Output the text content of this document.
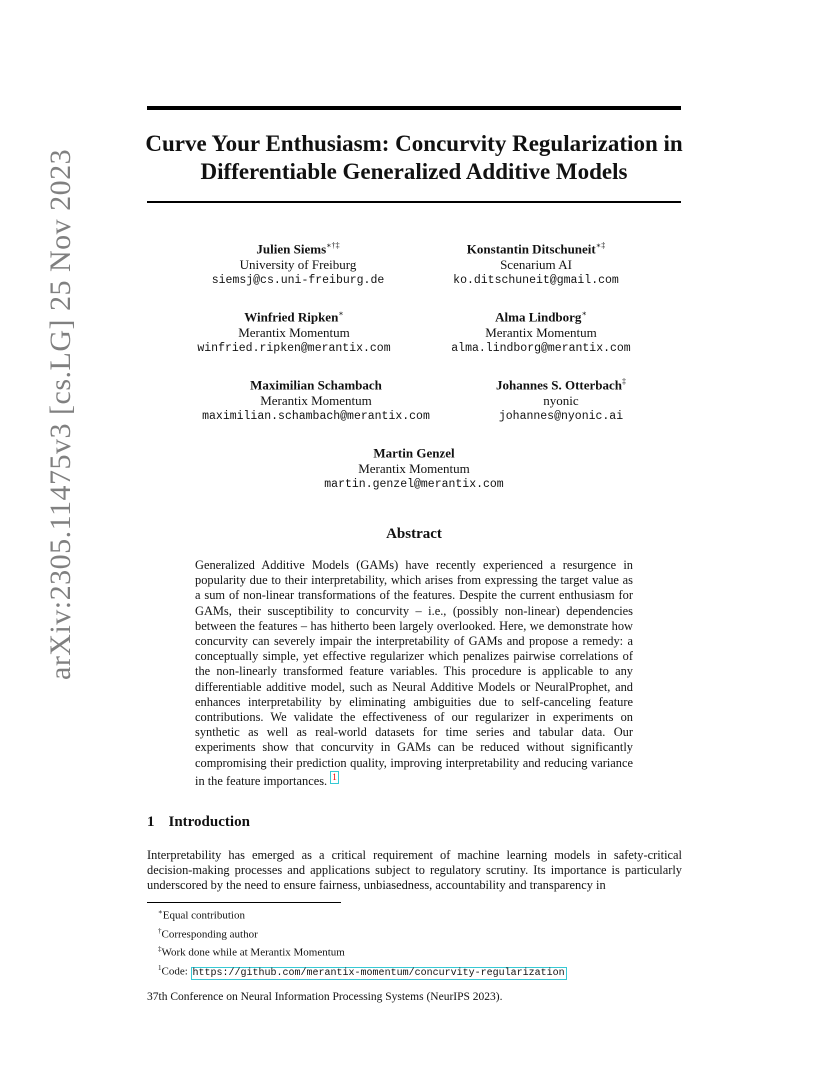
arXiv:2305.11475v3 [cs.LG] 25 Nov 2023
Curve Your Enthusiasm: Concurvity Regularization in
Differentiable Generalized Additive Models
Julien Siems∗†‡
University of Freiburg
siemsj@cs.uni-freiburg.de
Konstantin Ditschuneit∗‡
Scenarium AI
ko.ditschuneit@gmail.com
Winfried Ripken∗
Merantix Momentum
winfried.ripken@merantix.com
Alma Lindborg∗
Merantix Momentum
alma.lindborg@merantix.com
Maximilian Schambach
Merantix Momentum
maximilian.schambach@merantix.com
Johannes S. Otterbach‡
nyonic
johannes@nyonic.ai
Martin Genzel
Merantix Momentum
martin.genzel@merantix.com
Abstract
Generalized Additive Models (GAMs) have recently experienced a resurgence in popularity due to their interpretability, which arises from expressing the target value as a sum of non-linear transformations of the features. Despite the current enthusiasm for GAMs, their susceptibility to concurvity – i.e., (possibly non-linear) dependencies between the features – has hitherto been largely overlooked. Here, we demonstrate how concurvity can severely impair the interpretability of GAMs and propose a remedy: a conceptually simple, yet effective regularizer which penalizes pairwise correlations of the non-linearly transformed feature variables. This procedure is applicable to any differentiable additive model, such as Neural Additive Models or NeuralProphet, and enhances interpretability by eliminating ambiguities due to self-canceling feature contributions. We validate the effectiveness of our regularizer in experiments on synthetic as well as real-world datasets for time series and tabular data. Our experiments show that concurvity in GAMs can be reduced without significantly compromising their prediction quality, improving interpretability and reducing variance in the feature importances. 1
1 Introduction
Interpretability has emerged as a critical requirement of machine learning models in safety-critical decision-making processes and applications subject to regulatory scrutiny. Its importance is particularly underscored by the need to ensure fairness, unbiasedness, accountability and transparency in
∗Equal contribution
†Corresponding author
‡Work done while at Merantix Momentum
$^1$Code: https://github.com/merantix-momentum/concurvity-regularization
37th Conference on Neural Information Processing Systems (NeurIPS 2023).
